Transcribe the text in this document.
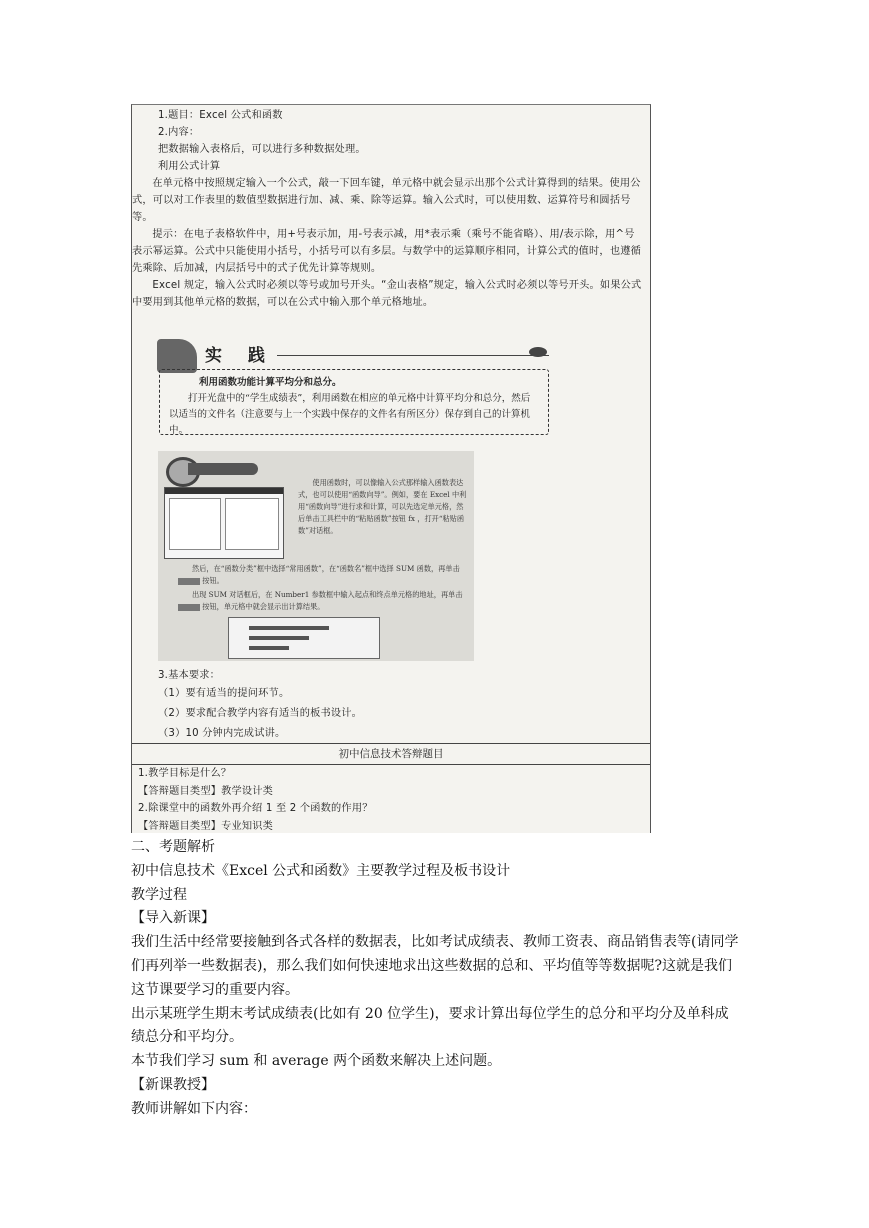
1.题目：Excel 公式和函数

2.内容：

把数据输入表格后，可以进行多种数据处理。

利用公式计算

在单元格中按照规定输入一个公式，敲一下回车键，单元格中就会显示出那个公式计算得到的结果。使用公式，可以对工作表里的数值型数据进行加、减、乘、除等运算。输入公式时，可以使用数、运算符号和圆括号等。

提示：在电子表格软件中，用+号表示加，用-号表示减，用*表示乘（乘号不能省略）、用/表示除，用^号表示幂运算。公式中只能使用小括号，小括号可以有多层。与数学中的运算顺序相同，计算公式的值时，也遵循先乘除、后加减，内层括号中的式子优先计算等规则。

Excel 规定，输入公式时必须以等号或加号开头。“金山表格”规定，输入公式时必须以等号开头。如果公式中要用到其他单元格的数据，可以在公式中输入那个单元格地址。

实 践
利用函数功能计算平均分和总分。
打开光盘中的“学生成绩表”，利用函数在相应的单元格中计算平均分和总分，然后以适当的文件名（注意要与上一个实践中保存的文件名有所区分）保存到自己的计算机中。
使用函数时，可以像输入公式那样输入函数表达式，也可以使用“函数向导”。例如，要在 Excel 中利用“函数向导”进行求和计算，可以先选定单元格，然后单击工具栏中的“粘贴函数”按钮 fx ，打开“粘贴函数”对话框。
然后，在“函数分类”框中选择“常用函数”，在“函数名”框中选择 SUM 函数，再单击  按钮。
出现 SUM 对话框后，在 Number1 参数框中输入起点和终点单元格的地址，再单击  按钮，单元格中就会显示出计算结果。

3.基本要求：

（1）要有适当的提问环节。

（2）要求配合教学内容有适当的板书设计。

（3）10 分钟内完成试讲。

初中信息技术答辩题目

1.教学目标是什么？

【答辩题目类型】教学设计类

2.除课堂中的函数外再介绍 1 至 2 个函数的作用？

【答辩题目类型】专业知识类

二、考题解析

初中信息技术《Excel 公式和函数》主要教学过程及板书设计

教学过程

【导入新课】

我们生活中经常要接触到各式各样的数据表，比如考试成绩表、教师工资表、商品销售表等(请同学们再列举一些数据表)，那么我们如何快速地求出这些数据的总和、平均值等等数据呢?这就是我们这节课要学习的重要内容。

出示某班学生期末考试成绩表(比如有 20 位学生)，要求计算出每位学生的总分和平均分及单科成绩总分和平均分。

本节我们学习 sum 和 average 两个函数来解决上述问题。

【新课教授】

教师讲解如下内容：
